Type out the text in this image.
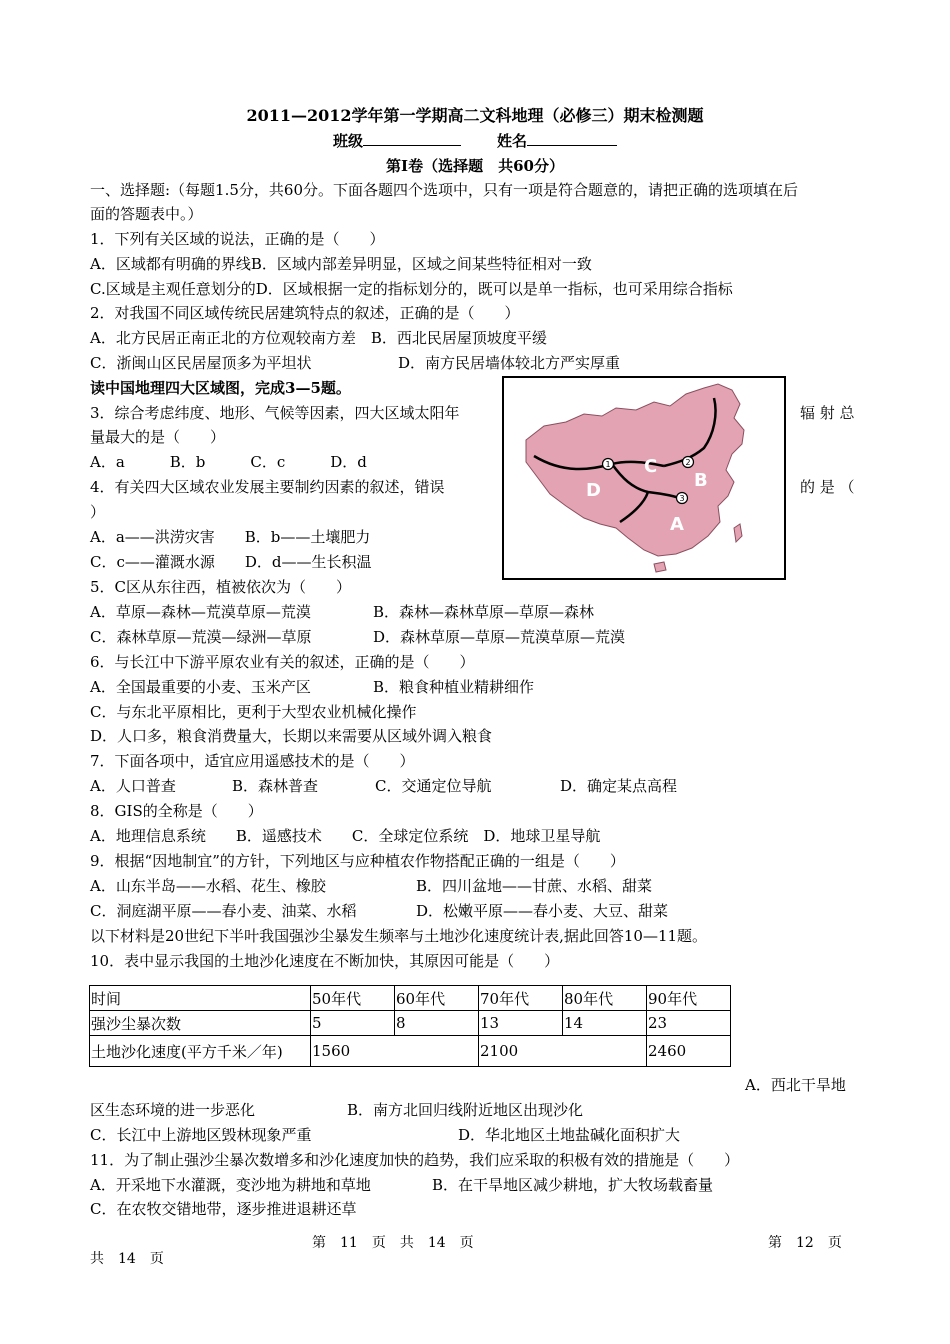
2011—2012学年第一学期高二文科地理（必修三）期末检测题
班级	姓名
第Ⅰ卷（选择题　共60分）
一、选择题:（每题1.5分，共60分。下面各题四个选项中，只有一项是符合题意的，请把正确的选项填在后
面的答题表中。）
1．下列有关区域的说法，正确的是（　　）
A．区域都有明确的界线B．区域内部差异明显，区域之间某些特征相对一致
C.区域是主观任意划分的D．区域根据一定的指标划分的，既可以是单一指标，也可采用综合指标
2．对我国不同区域传统民居建筑特点的叙述，正确的是（　　）
A．北方民居正南正北的方位观较南方差　B．西北民居屋顶坡度平缓
C．浙闽山区民居屋顶多为平坦状	D．南方民居墙体较北方严实厚重
读中国地理四大区域图，完成3—5题。
3．综合考虑纬度、地形、气候等因素，四大区域太阳年	辐 射 总
量最大的是（　　）
A．a　　　B．b　　　C．c　　　D．d
4．有关四大区域农业发展主要制约因素的叙述，错误	的 是 （
）
A．a——洪涝灾害　　B．b——土壤肥力
C．c——灌溉水源　　D．d——生长积温
5．C区从东往西，植被依次为（　　）
A．草原—森林—荒漠草原—荒漠	B．森林—森林草原—草原—森林
C．森林草原—荒漠—绿洲—草原	D．森林草原—草原—荒漠草原—荒漠
6．与长江中下游平原农业有关的叙述，正确的是（　　）
A．全国最重要的小麦、玉米产区	B．粮食种植业精耕细作
C．与东北平原相比，更利于大型农业机械化操作
D．人口多，粮食消费量大，长期以来需要从区域外调入粮食
7．下面各项中，适宜应用遥感技术的是（　　）
A．人口普查	B．森林普查	C．交通定位导航	D．确定某点高程
8．GIS的全称是（　　）
A．地理信息系统　　B．遥感技术　　C．全球定位系统　D．地球卫星导航
9．根据“因地制宜”的方针，下列地区与应种植农作物搭配正确的一组是（　　）
A．山东半岛——水稻、花生、橡胶	B．四川盆地——甘蔗、水稻、甜菜
C．洞庭湖平原——春小麦、油菜、水稻	D．松嫩平原——春小麦、大豆、甜菜
以下材料是20世纪下半叶我国强沙尘暴发生频率与土地沙化速度统计表,据此回答10—11题。
10．表中显示我国的土地沙化速度在不断加快，其原因可能是（　　）
1	2
3
C
B
D
A
时间	50年代	60年代	70年代	80年代	90年代
强沙尘暴次数	5	8	13	14	23
土地沙化速度(平方千米／年)	1560		2100		2460
A．西北干旱地
区生态环境的进一步恶化	B．南方北回归线附近地区出现沙化
C．长江中上游地区毁林现象严重	D．华北地区土地盐碱化面积扩大
11．为了制止强沙尘暴次数增多和沙化速度加快的趋势，我们应采取的积极有效的措施是（　　）
A．开采地下水灌溉，变沙地为耕地和草地	B．在干旱地区减少耕地，扩大牧场载畜量
C．在农牧交错地带，逐步推进退耕还草
第　11　页　共　14　页	第　12　页
共　14　页
